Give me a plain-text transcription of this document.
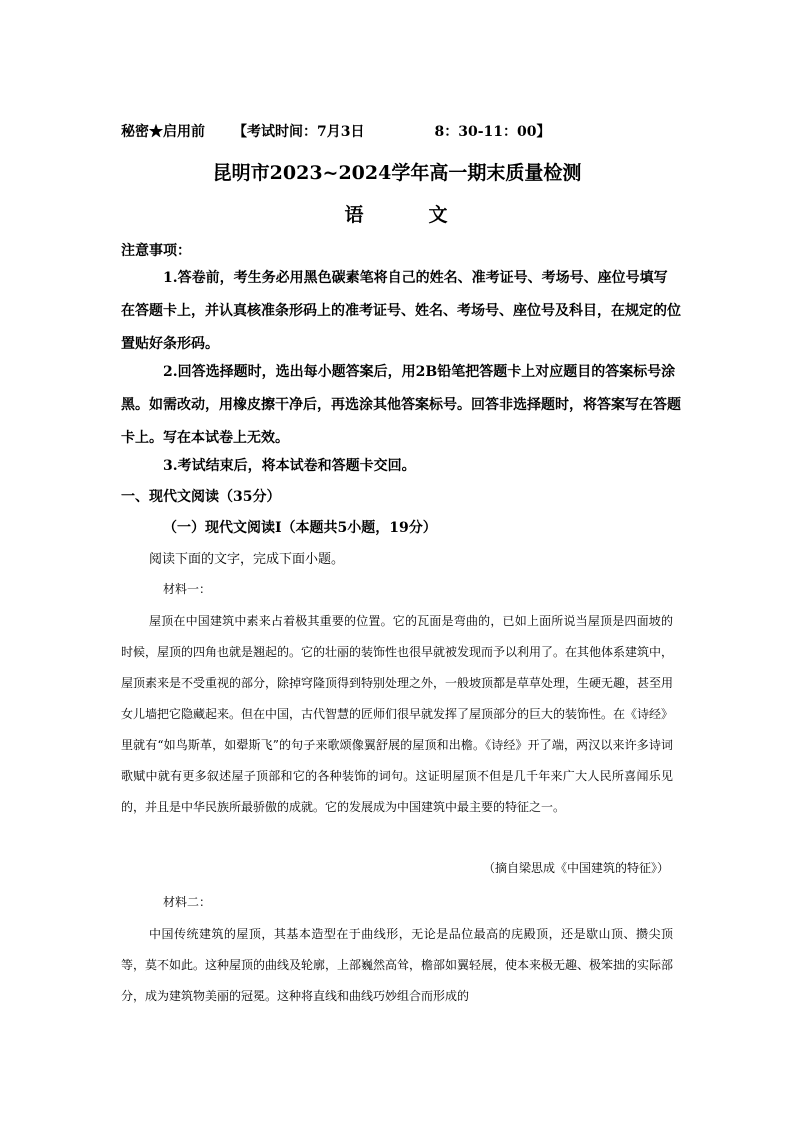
秘密★启用前　　 【考试时间：7月3日　　　　　	8：30-11：00】
昆明市2023~2024学年高一期末质量检测
语　　　文
注意事项：
1.答卷前，考生务必用黑色碳素笔将自己的姓名、准考证号、考场号、座位号填写在答题卡上，并认真核准条形码上的准考证号、姓名、考场号、座位号及科目，在规定的位置贴好条形码。
2.回答选择题时，选出每小题答案后，用2B铅笔把答题卡上对应题目的答案标号涂黑。如需改动，用橡皮擦干净后，再选涂其他答案标号。回答非选择题时，将答案写在答题卡上。写在本试卷上无效。
3.考试结束后，将本试卷和答题卡交回。
一、现代文阅读（35分）
（一）现代文阅读Ⅰ（本题共5小题，19分）
阅读下面的文字，完成下面小题。
材料一：
屋顶在中国建筑中素来占着极其重要的位置。它的瓦面是弯曲的，已如上面所说当屋顶是四面坡的时候，屋顶的四角也就是翘起的。它的壮丽的装饰性也很早就被发现而予以利用了。在其他体系建筑中，屋顶素来是不受重视的部分，除掉穹隆顶得到特别处理之外，一般坡顶都是草草处理，生硬无趣，甚至用女儿墙把它隐藏起来。但在中国，古代智慧的匠师们很早就发挥了屋顶部分的巨大的装饰性。在《诗经》里就有“如鸟斯革，如翚斯飞”的句子来歌颂像翼舒展的屋顶和出檐。《诗经》开了端，两汉以来许多诗词歌赋中就有更多叙述屋子顶部和它的各种装饰的词句。这证明屋顶不但是几千年来广大人民所喜闻乐见的，并且是中华民族所最骄傲的成就。它的发展成为中国建筑中最主要的特征之一。
（摘自梁思成《中国建筑的特征》）
材料二：
中国传统建筑的屋顶，其基本造型在于曲线形，无论是品位最高的庑殿顶，还是歇山顶、攒尖顶等，莫不如此。这种屋顶的曲线及轮廓，上部巍然高耸，檐部如翼轻展，使本来极无趣、极笨拙的实际部分，成为建筑物美丽的冠冕。这种将直线和曲线巧妙组合而形成的
